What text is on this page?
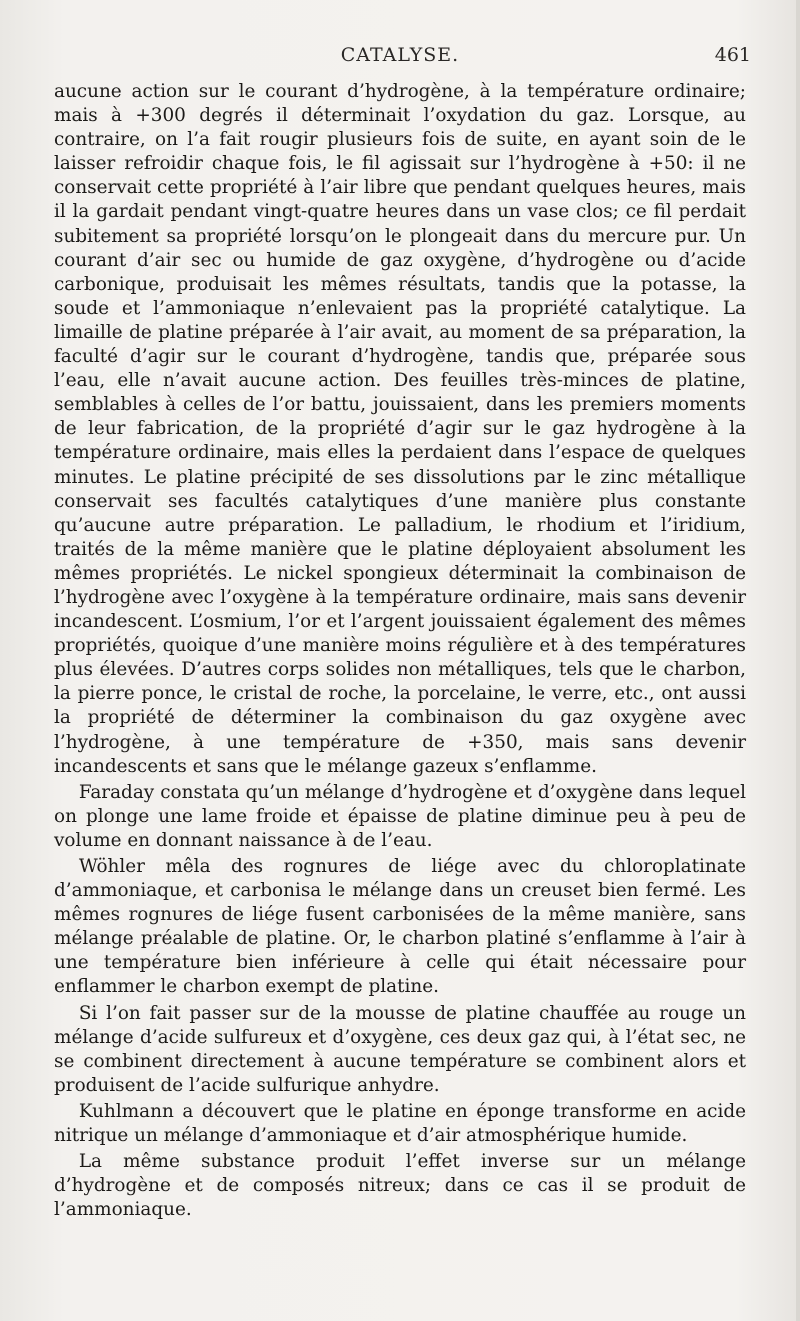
CATALYSE.	461

aucune action sur le courant d’hydrogène, à la température ordinaire; mais à +300 degrés il déterminait l’oxydation du gaz. Lorsque, au contraire, on l’a fait rougir plusieurs fois de suite, en ayant soin de le laisser refroidir chaque fois, le fil agissait sur l’hydrogène à +50: il ne conservait cette propriété à l’air libre que pendant quelques heures, mais il la gardait pendant vingt-quatre heures dans un vase clos; ce fil perdait subitement sa propriété lorsqu’on le plongeait dans du mercure pur. Un courant d’air sec ou humide de gaz oxygène, d’hydrogène ou d’acide carbonique, produisait les mêmes résultats, tandis que la potasse, la soude et l’ammoniaque n’enlevaient pas la propriété catalytique. La limaille de platine préparée à l’air avait, au moment de sa préparation, la faculté d’agir sur le courant d’hydrogène, tandis que, préparée sous l’eau, elle n’avait aucune action. Des feuilles très-minces de platine, semblables à celles de l’or battu, jouissaient, dans les premiers moments de leur fabrication, de la propriété d’agir sur le gaz hydrogène à la température ordinaire, mais elles la perdaient dans l’espace de quelques minutes. Le platine précipité de ses dissolutions par le zinc métallique conservait ses facultés catalytiques d’une manière plus constante qu’aucune autre préparation. Le palladium, le rhodium et l’iridium, traités de la même manière que le platine déployaient absolument les mêmes propriétés. Le nickel spongieux déterminait la combinaison de l’hydrogène avec l’oxygène à la température ordinaire, mais sans devenir incandescent. L’osmium, l’or et l’argent jouissaient également des mêmes propriétés, quoique d’une manière moins régulière et à des températures plus élevées. D’autres corps solides non métalliques, tels que le charbon, la pierre ponce, le cristal de roche, la porcelaine, le verre, etc., ont aussi la propriété de déterminer la combinaison du gaz oxygène avec l’hydrogène, à une température de +350, mais sans devenir incandescents et sans que le mélange gazeux s’enflamme.

Faraday constata qu’un mélange d’hydrogène et d’oxygène dans lequel on plonge une lame froide et épaisse de platine diminue peu à peu de volume en donnant naissance à de l’eau.

Wöhler mêla des rognures de liége avec du chloroplatinate d’ammoniaque, et carbonisa le mélange dans un creuset bien fermé. Les mêmes rognures de liége fusent carbonisées de la même manière, sans mélange préalable de platine. Or, le charbon platiné s’enflamme à l’air à une température bien inférieure à celle qui était nécessaire pour enflammer le charbon exempt de platine.

Si l’on fait passer sur de la mousse de platine chauffée au rouge un mélange d’acide sulfureux et d’oxygène, ces deux gaz qui, à l’état sec, ne se combinent directement à aucune température se combinent alors et produisent de l’acide sulfurique anhydre.

Kuhlmann a découvert que le platine en éponge transforme en acide nitrique un mélange d’ammoniaque et d’air atmosphérique humide.

La même substance produit l’effet inverse sur un mélange d’hydrogène et de composés nitreux; dans ce cas il se produit de l’ammoniaque.
